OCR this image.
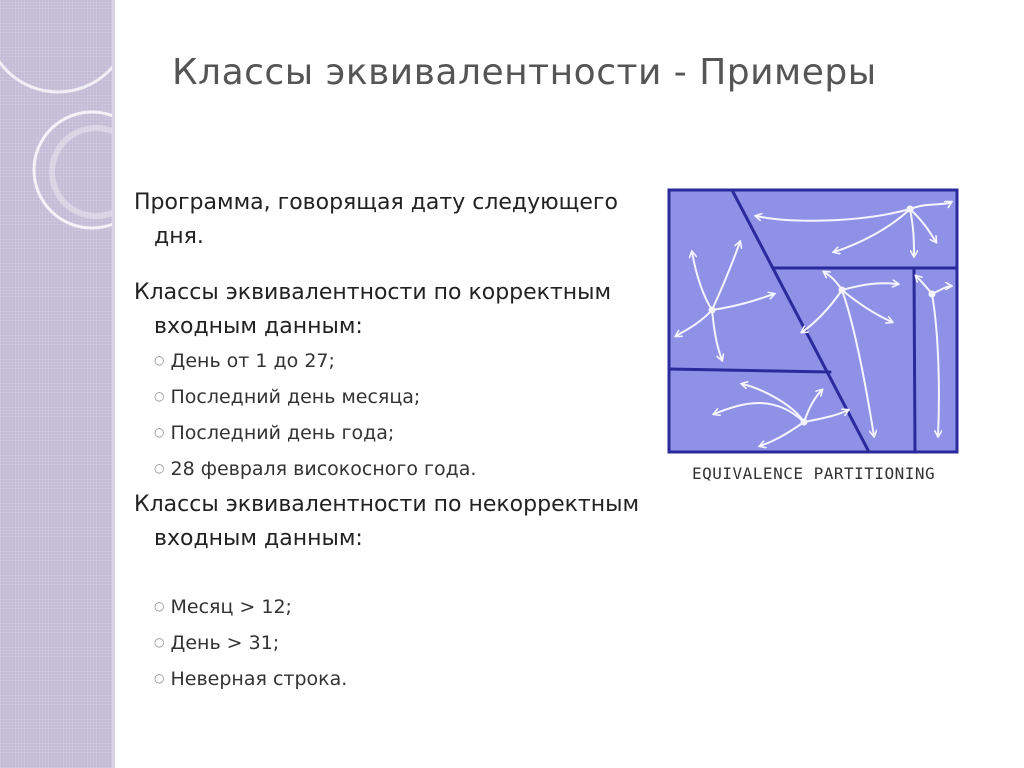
Классы эквивалентности - Примеры
Программа, говорящая дату следующего дня.
Классы эквивалентности по корректным входным данным:
○ День от 1 до 27;
○ Последний день месяца;
○ Последний день года;
○ 28 февраля високосного года.
Классы эквивалентности по некорректным входным данным:
○ Месяц > 12;
○ День > 31;
○ Неверная строка.
EQUIVALENCE PARTITIONING
